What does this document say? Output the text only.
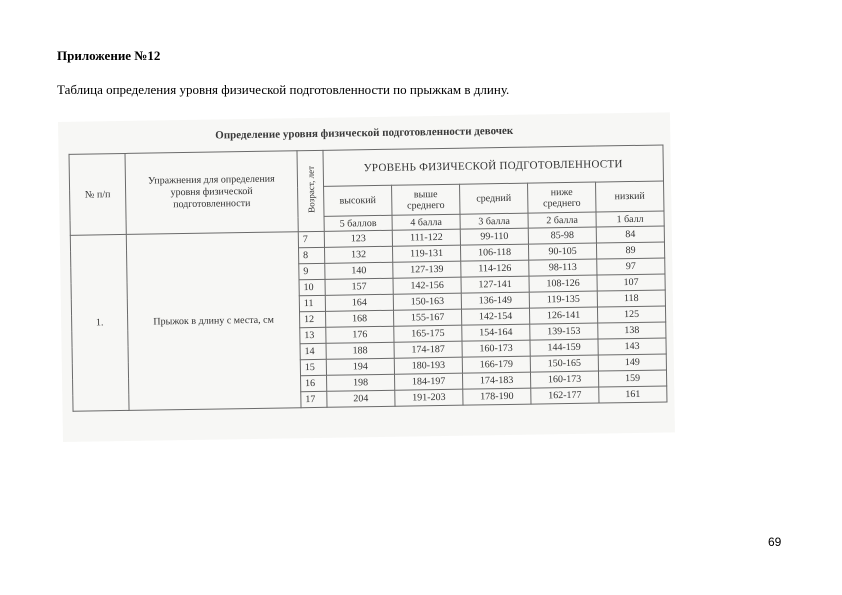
Приложение №12
Таблица определения уровня физической подготовленности по прыжкам в длину.
Определение уровня физической подготовленности девочек
№ п/п	Упражнения для определения уровня физической подготовленности	Возраст, лет	УРОВЕНЬ ФИЗИЧЕСКОЙ ПОДГОТОВЛЕННОСТИ				
			высокий	выше среднего	средний	ниже среднего	низкий
			5 баллов	4 балла	3 балла	2 балла	1 балл
1.	Прыжок в длину с места, см	7	123	111-122	99-110	85-98	84
		8	132	119-131	106-118	90-105	89
		9	140	127-139	114-126	98-113	97
		10	157	142-156	127-141	108-126	107
		11	164	150-163	136-149	119-135	118
		12	168	155-167	142-154	126-141	125
		13	176	165-175	154-164	139-153	138
		14	188	174-187	160-173	144-159	143
		15	194	180-193	166-179	150-165	149
		16	198	184-197	174-183	160-173	159
		17	204	191-203	178-190	162-177	161
69
